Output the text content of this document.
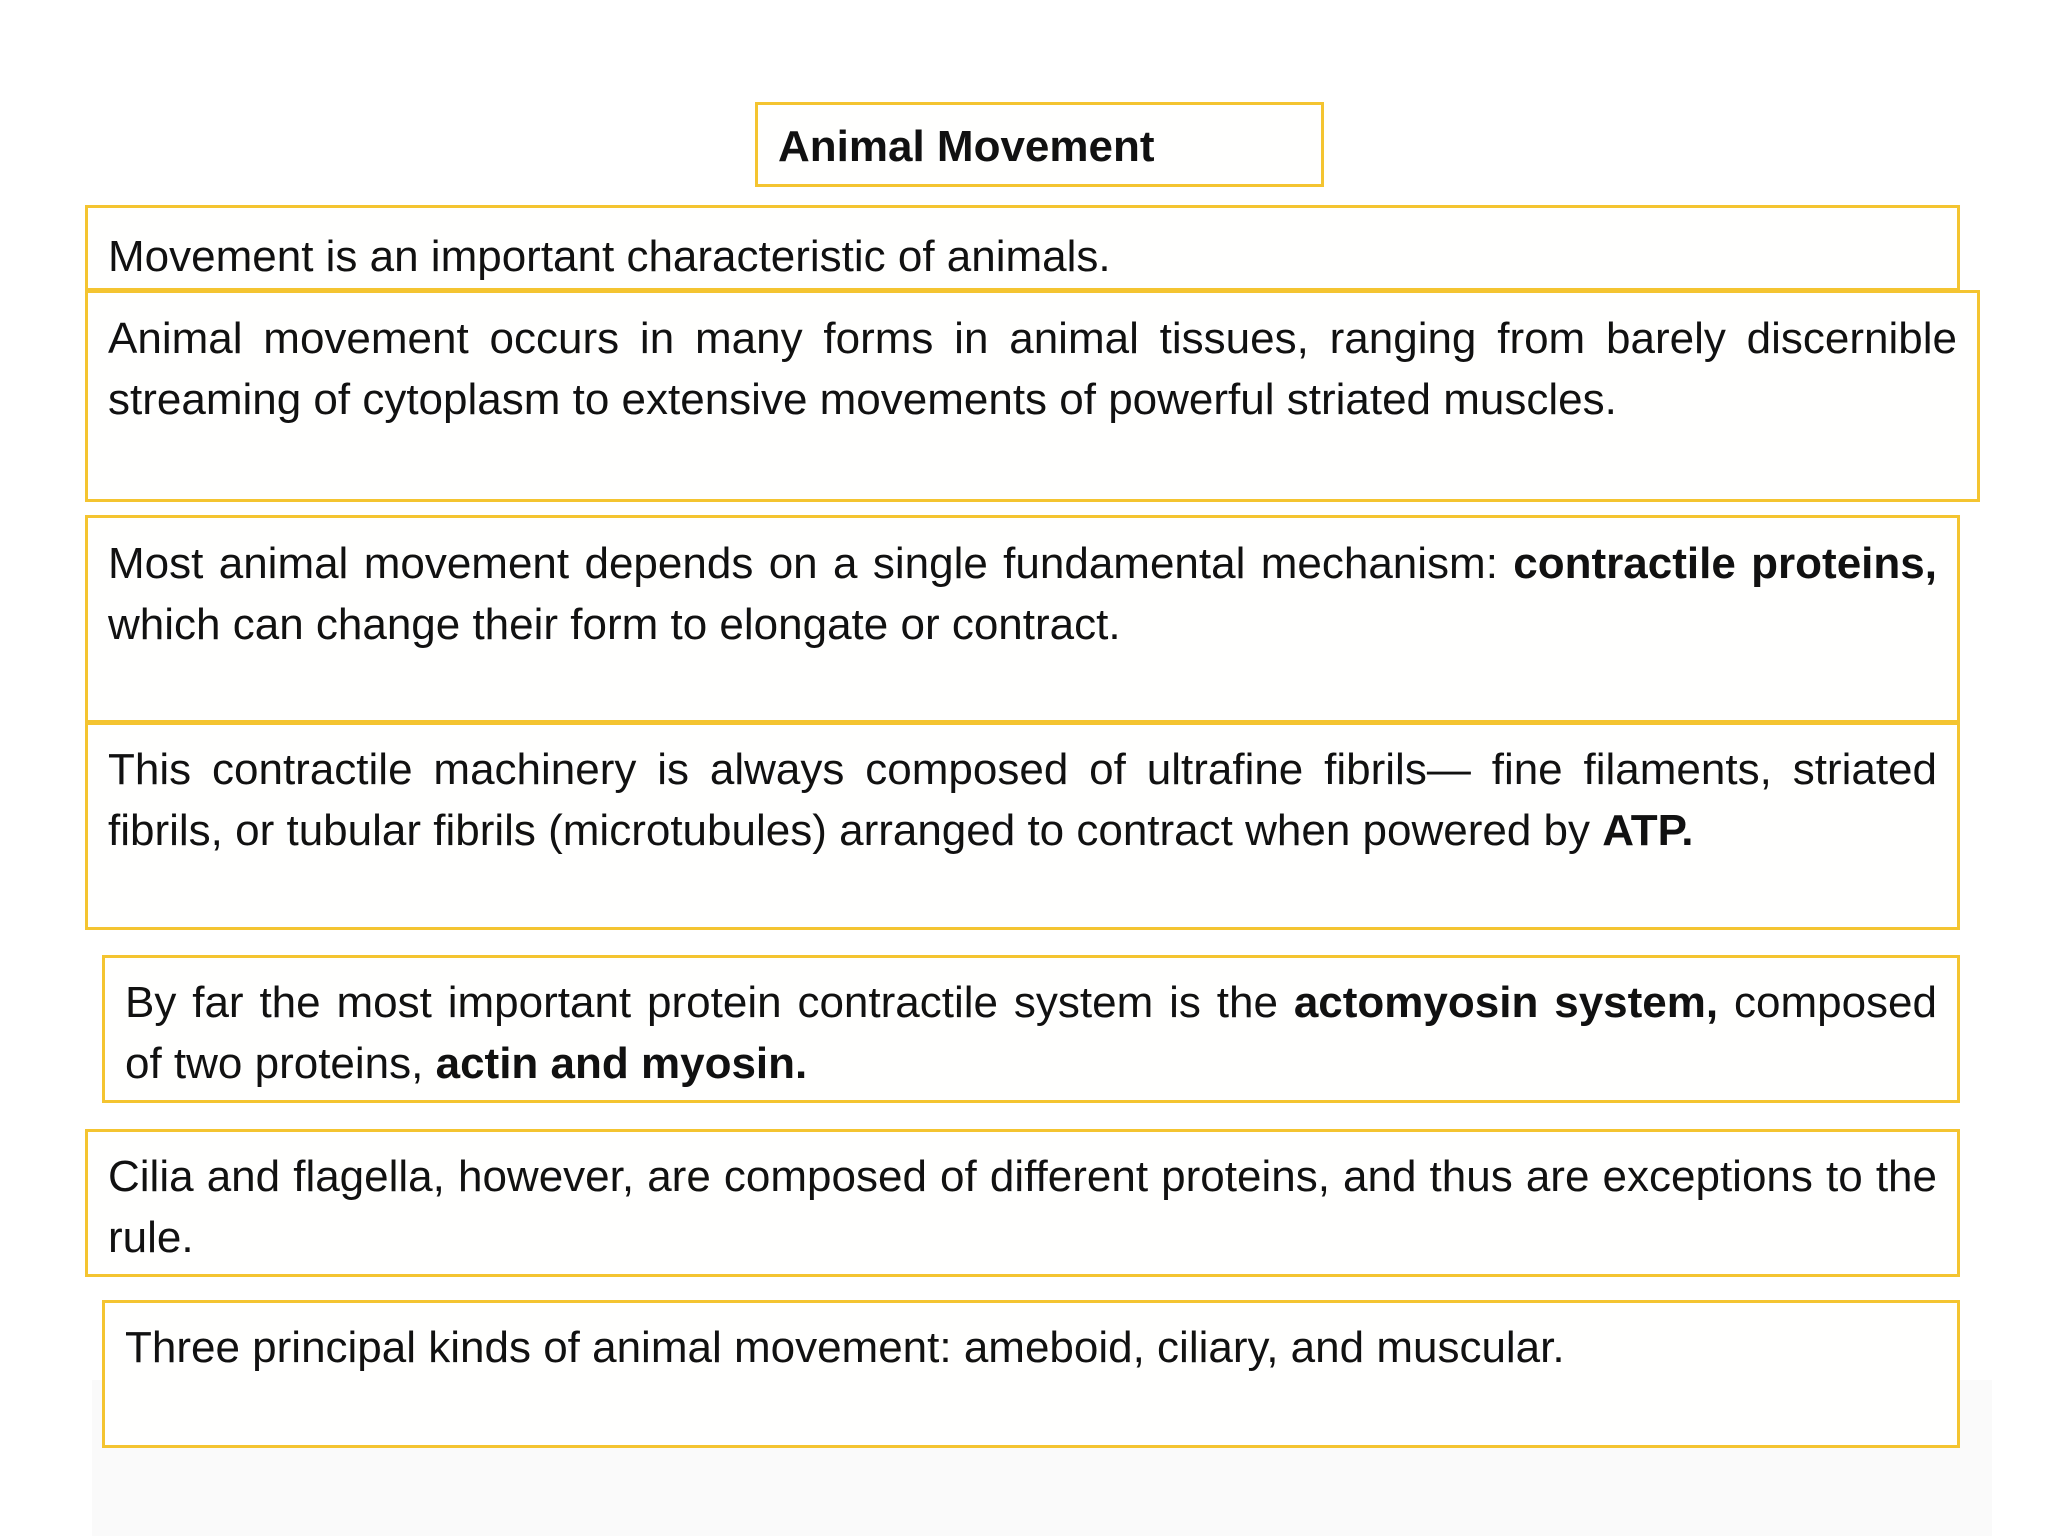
Animal Movement
Movement is an important characteristic of animals.
Animal movement occurs in many forms in animal tissues, ranging from barely discernible streaming of cytoplasm to extensive movements of powerful striated muscles.
Most animal movement depends on a single fundamental mechanism: contractile proteins, which can change their form to elongate or contract.
This contractile machinery is always composed of ultrafine fibrils— fine filaments, striated fibrils, or tubular fibrils (microtubules) arranged to contract when powered by ATP.
By far the most important protein contractile system is the actomyosin system, composed of two proteins, actin and myosin.
Cilia and flagella, however, are composed of different proteins, and thus are exceptions to the rule.
Three principal kinds of animal movement: ameboid, ciliary, and muscular.
